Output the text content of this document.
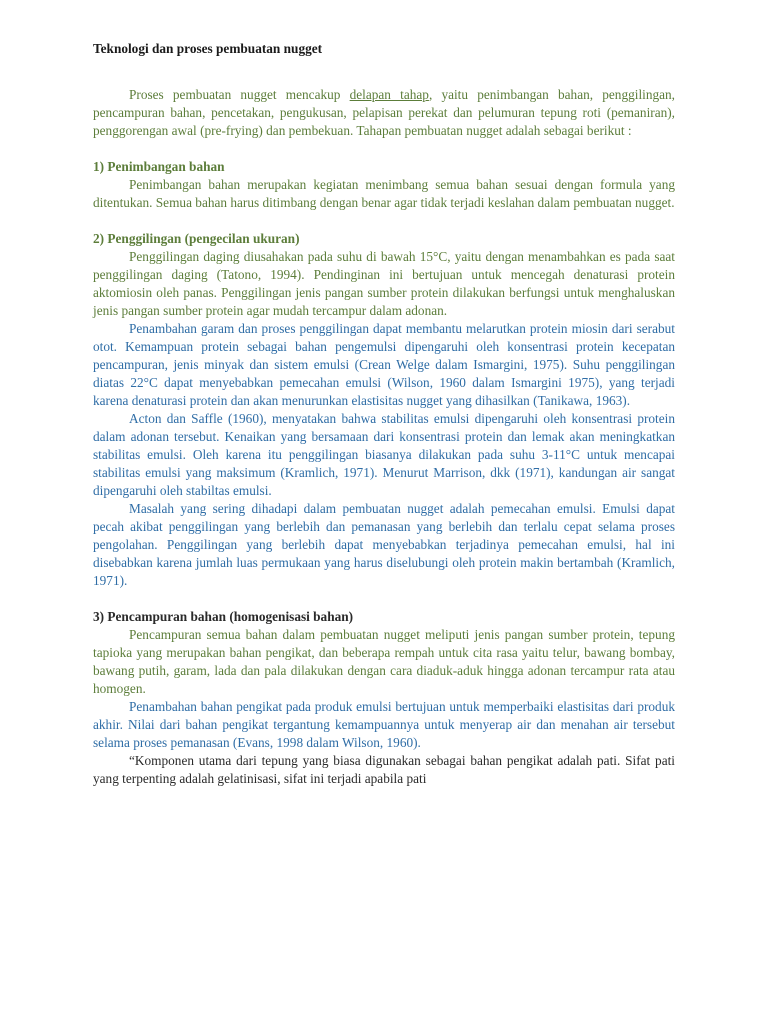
Teknologi dan proses pembuatan nugget

Proses pembuatan nugget mencakup delapan tahap, yaitu penimbangan bahan, penggilingan, pencampuran bahan, pencetakan, pengukusan, pelapisan perekat dan pelumuran tepung roti (pemaniran), penggorengan awal (pre-frying) dan pembekuan. Tahapan pembuatan nugget adalah sebagai berikut :

1) Penimbangan bahan

Penimbangan bahan merupakan kegiatan menimbang semua bahan sesuai dengan formula yang ditentukan. Semua bahan harus ditimbang dengan benar agar tidak terjadi keslahan dalam pembuatan nugget.

2) Penggilingan (pengecilan ukuran)

Penggilingan daging diusahakan pada suhu di bawah 15°C, yaitu dengan menambahkan es pada saat penggilingan daging (Tatono, 1994). Pendinginan ini bertujuan untuk mencegah denaturasi protein aktomiosin oleh panas. Penggilingan jenis pangan sumber protein dilakukan berfungsi untuk menghaluskan jenis pangan sumber protein agar mudah tercampur dalam adonan.

Penambahan garam dan proses penggilingan dapat membantu melarutkan protein miosin dari serabut otot. Kemampuan protein sebagai bahan pengemulsi dipengaruhi oleh konsentrasi protein kecepatan pencampuran, jenis minyak dan sistem emulsi (Crean Welge dalam Ismargini, 1975). Suhu penggilingan diatas 22°C dapat menyebabkan pemecahan emulsi (Wilson, 1960 dalam Ismargini 1975), yang terjadi karena denaturasi protein dan akan menurunkan elastisitas nugget yang dihasilkan (Tanikawa, 1963).

Acton dan Saffle (1960), menyatakan bahwa stabilitas emulsi dipengaruhi oleh konsentrasi protein dalam adonan tersebut. Kenaikan yang bersamaan dari konsentrasi protein dan lemak akan meningkatkan stabilitas emulsi. Oleh karena itu penggilingan biasanya dilakukan pada suhu 3-11°C untuk mencapai stabilitas emulsi yang maksimum (Kramlich, 1971). Menurut Marrison, dkk (1971), kandungan air sangat dipengaruhi oleh stabiltas emulsi.

Masalah yang sering dihadapi dalam pembuatan nugget adalah pemecahan emulsi. Emulsi dapat pecah akibat penggilingan yang berlebih dan pemanasan yang berlebih dan terlalu cepat selama proses pengolahan. Penggilingan yang berlebih dapat menyebabkan terjadinya pemecahan emulsi, hal ini disebabkan karena jumlah luas permukaan yang harus diselubungi oleh protein makin bertambah (Kramlich, 1971).

3) Pencampuran bahan (homogenisasi bahan)

Pencampuran semua bahan dalam pembuatan nugget meliputi jenis pangan sumber protein, tepung tapioka yang merupakan bahan pengikat, dan beberapa rempah untuk cita rasa yaitu telur, bawang bombay, bawang putih, garam, lada dan pala dilakukan dengan cara diaduk-aduk hingga adonan tercampur rata atau homogen.

Penambahan bahan pengikat pada produk emulsi bertujuan untuk memperbaiki elastisitas dari produk akhir. Nilai dari bahan pengikat tergantung kemampuannya untuk menyerap air dan menahan air tersebut selama proses pemanasan (Evans, 1998 dalam Wilson, 1960).

“Komponen utama dari tepung yang biasa digunakan sebagai bahan pengikat adalah pati. Sifat pati yang terpenting adalah gelatinisasi, sifat ini terjadi apabila pati
